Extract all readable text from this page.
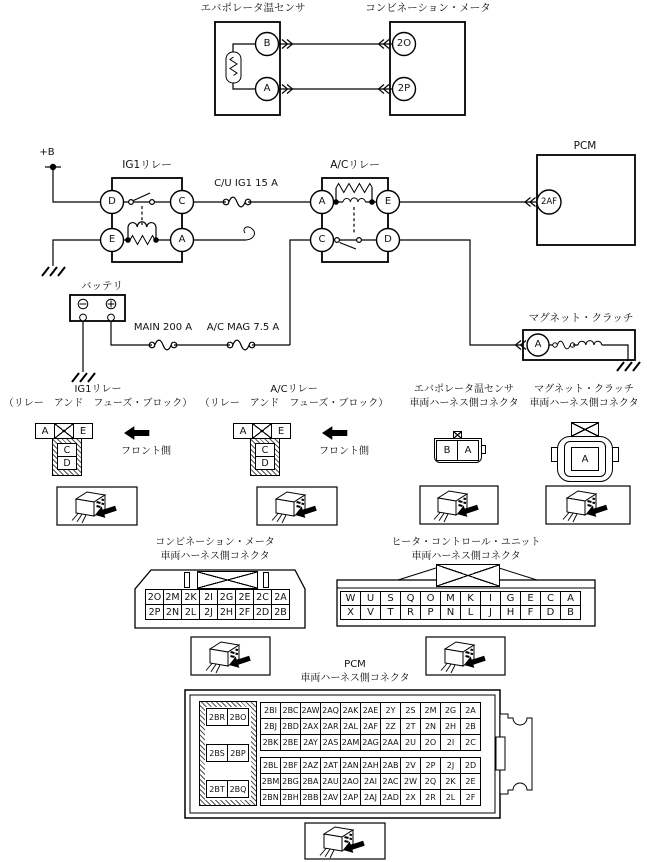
エバポレータ温センサ	コンビネーション・メータ
+B
IG1リレー
C/U IG1 15 A
A/Cリレー
PCM
バッテリ
MAIN 200 A	A/C MAG 7.5 A
マグネット・クラッチ
IG1リレー
（リレー　アンド　フューズ・ブロック）
A/Cリレー
（リレー　アンド　フューズ・ブロック）
エバポレータ温センサ
車両ハーネス側コネクタ
マグネット・クラッチ
車両ハーネス側コネクタ
フロント側	フロント側
コンビネーション・メータ
車両ハーネス側コネクタ
ヒータ・コントロール・ユニット
車両ハーネス側コネクタ
PCM
車両ハーネス側コネクタ
B
A
2O
2P
D	C
E	A
A	E
C	D
2AF
A
A	E
C
D
A	E
C
D
B	A
A
2O 2M 2K 2I 2G 2E 2C 2A
2P 2N 2L 2J 2H 2F 2D 2B
W	U	S	Q	O	M	K	I	G	E	C	A
X	V	T	R	P	N	L	J	H	F	D	B
2BR 2BO
2BS 2BP
2BT 2BQ
2BI 2BC 2AW 2AQ 2AK 2AE 2Y	2S	2M	2G	2A
2BJ 2BD 2AX 2AR 2AL 2AF 2Z	2T	2N	2H	2B
2BK 2BE 2AY 2AS 2AM 2AG 2AA 2U	2O	2I	2C
2BL 2BF 2AZ 2AT 2AN 2AH 2AB 2V	2P	2J	2D
2BM 2BG 2BA 2AU 2AO 2AI 2AC 2W 2Q	2K	2E
2BN 2BH 2BB 2AV 2AP 2AJ 2AD 2X	2R	2L	2F
